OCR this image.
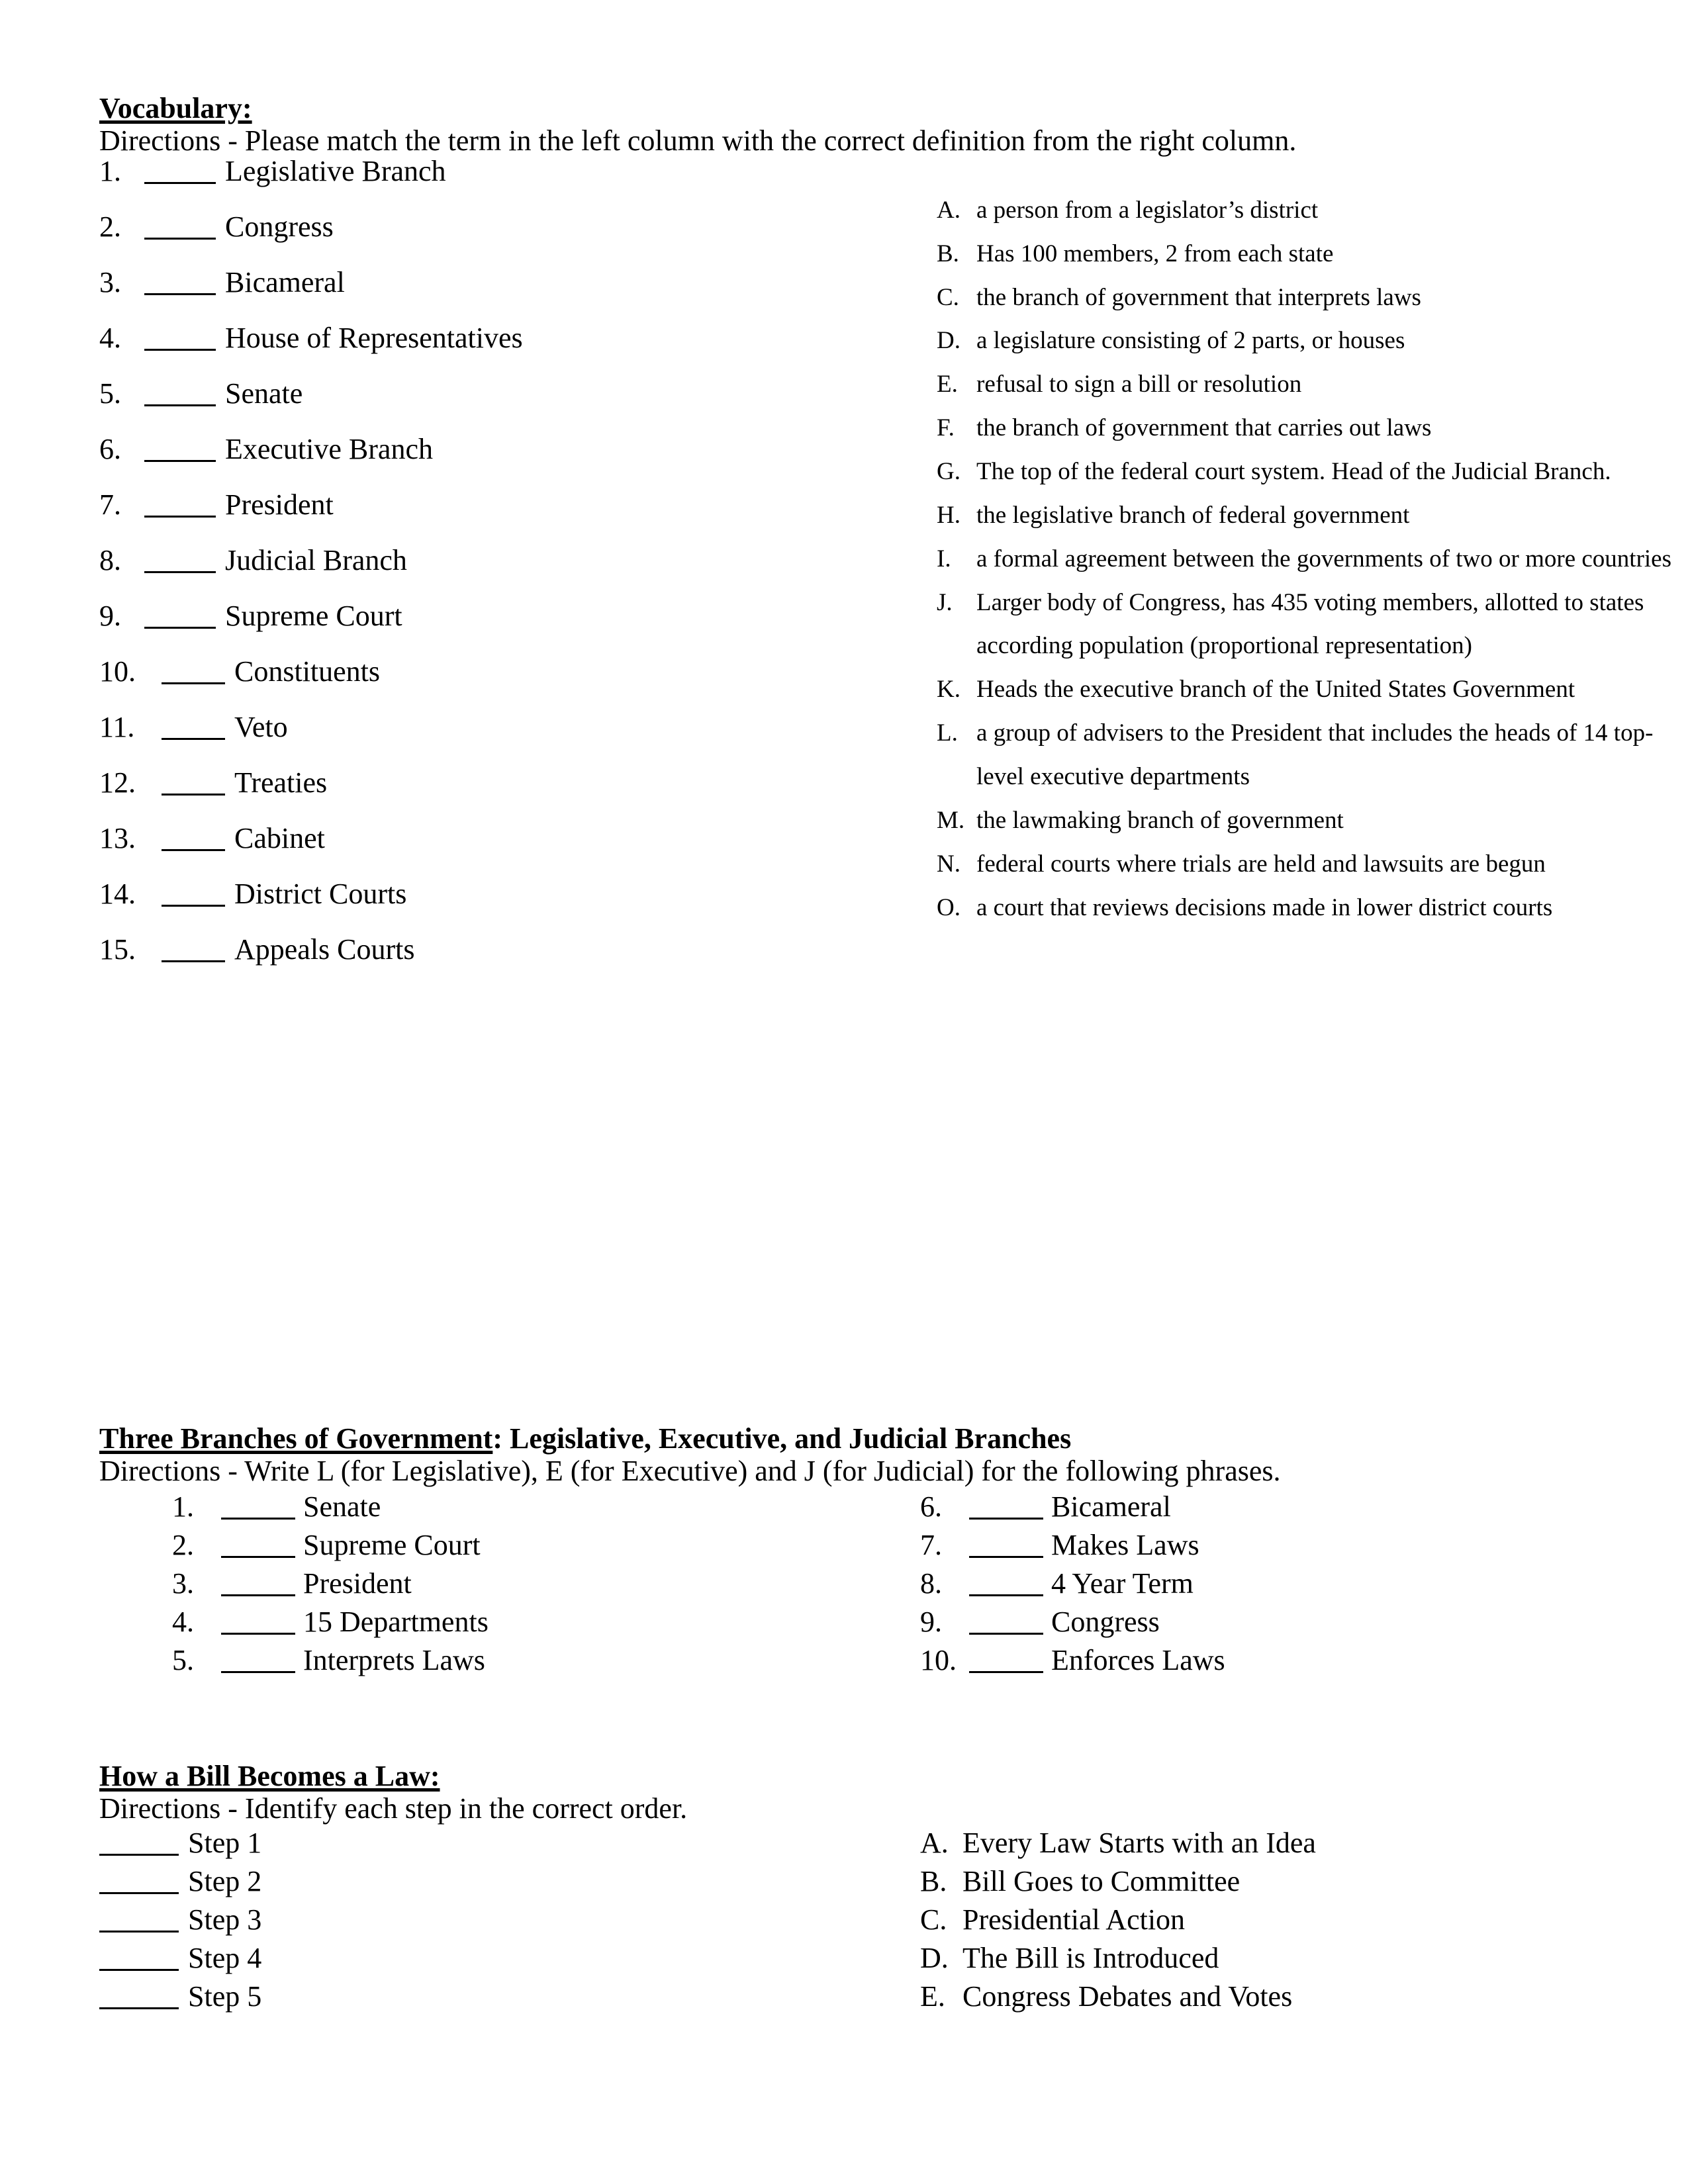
Vocabulary:
Directions - Please match the term in the left column with the correct definition from the right column.
1.	Legislative Branch
2.	Congress
3.	Bicameral
4.	House of Representatives
5.	Senate
6.	Executive Branch
7.	President
8.	Judicial Branch
9.	Supreme Court
10.	Constituents
11.	Veto
12.	Treaties
13.	Cabinet
14.	District Courts
15.	Appeals Courts
A. a person from a legislator’s district
B. Has 100 members, 2 from each state
C. the branch of government that interprets laws
D. a legislature consisting of 2 parts, or houses
E. refusal to sign a bill or resolution
F. the branch of government that carries out laws
G. The top of the federal court system. Head of the Judicial Branch.
H. the legislative branch of federal government
I.	a formal agreement between the governments of two or more countries
J. Larger body of Congress, has 435 voting members, allotted to states according population (proportional representation)
K. Heads the executive branch of the United States Government
L. a group of advisers to the President that includes the heads of 14 top-level executive departments
M. the lawmaking branch of government
N. federal courts where trials are held and lawsuits are begun
O. a court that reviews decisions made in lower district courts
Three Branches of Government: Legislative, Executive, and Judicial Branches
Directions - Write L (for Legislative), E (for Executive) and J (for Judicial) for the following phrases.
1.	Senate
2.	Supreme Court
3.	President
4.	15 Departments
5.	Interprets Laws
6.	Bicameral
7.	Makes Laws
8.	4 Year Term
9.	Congress
10.	Enforces Laws
How a Bill Becomes a Law:
Directions - Identify each step in the correct order.
Step 1
Step 2
Step 3
Step 4
Step 5
A. Every Law Starts with an Idea
B. Bill Goes to Committee
C. Presidential Action
D. The Bill is Introduced
E. Congress Debates and Votes
